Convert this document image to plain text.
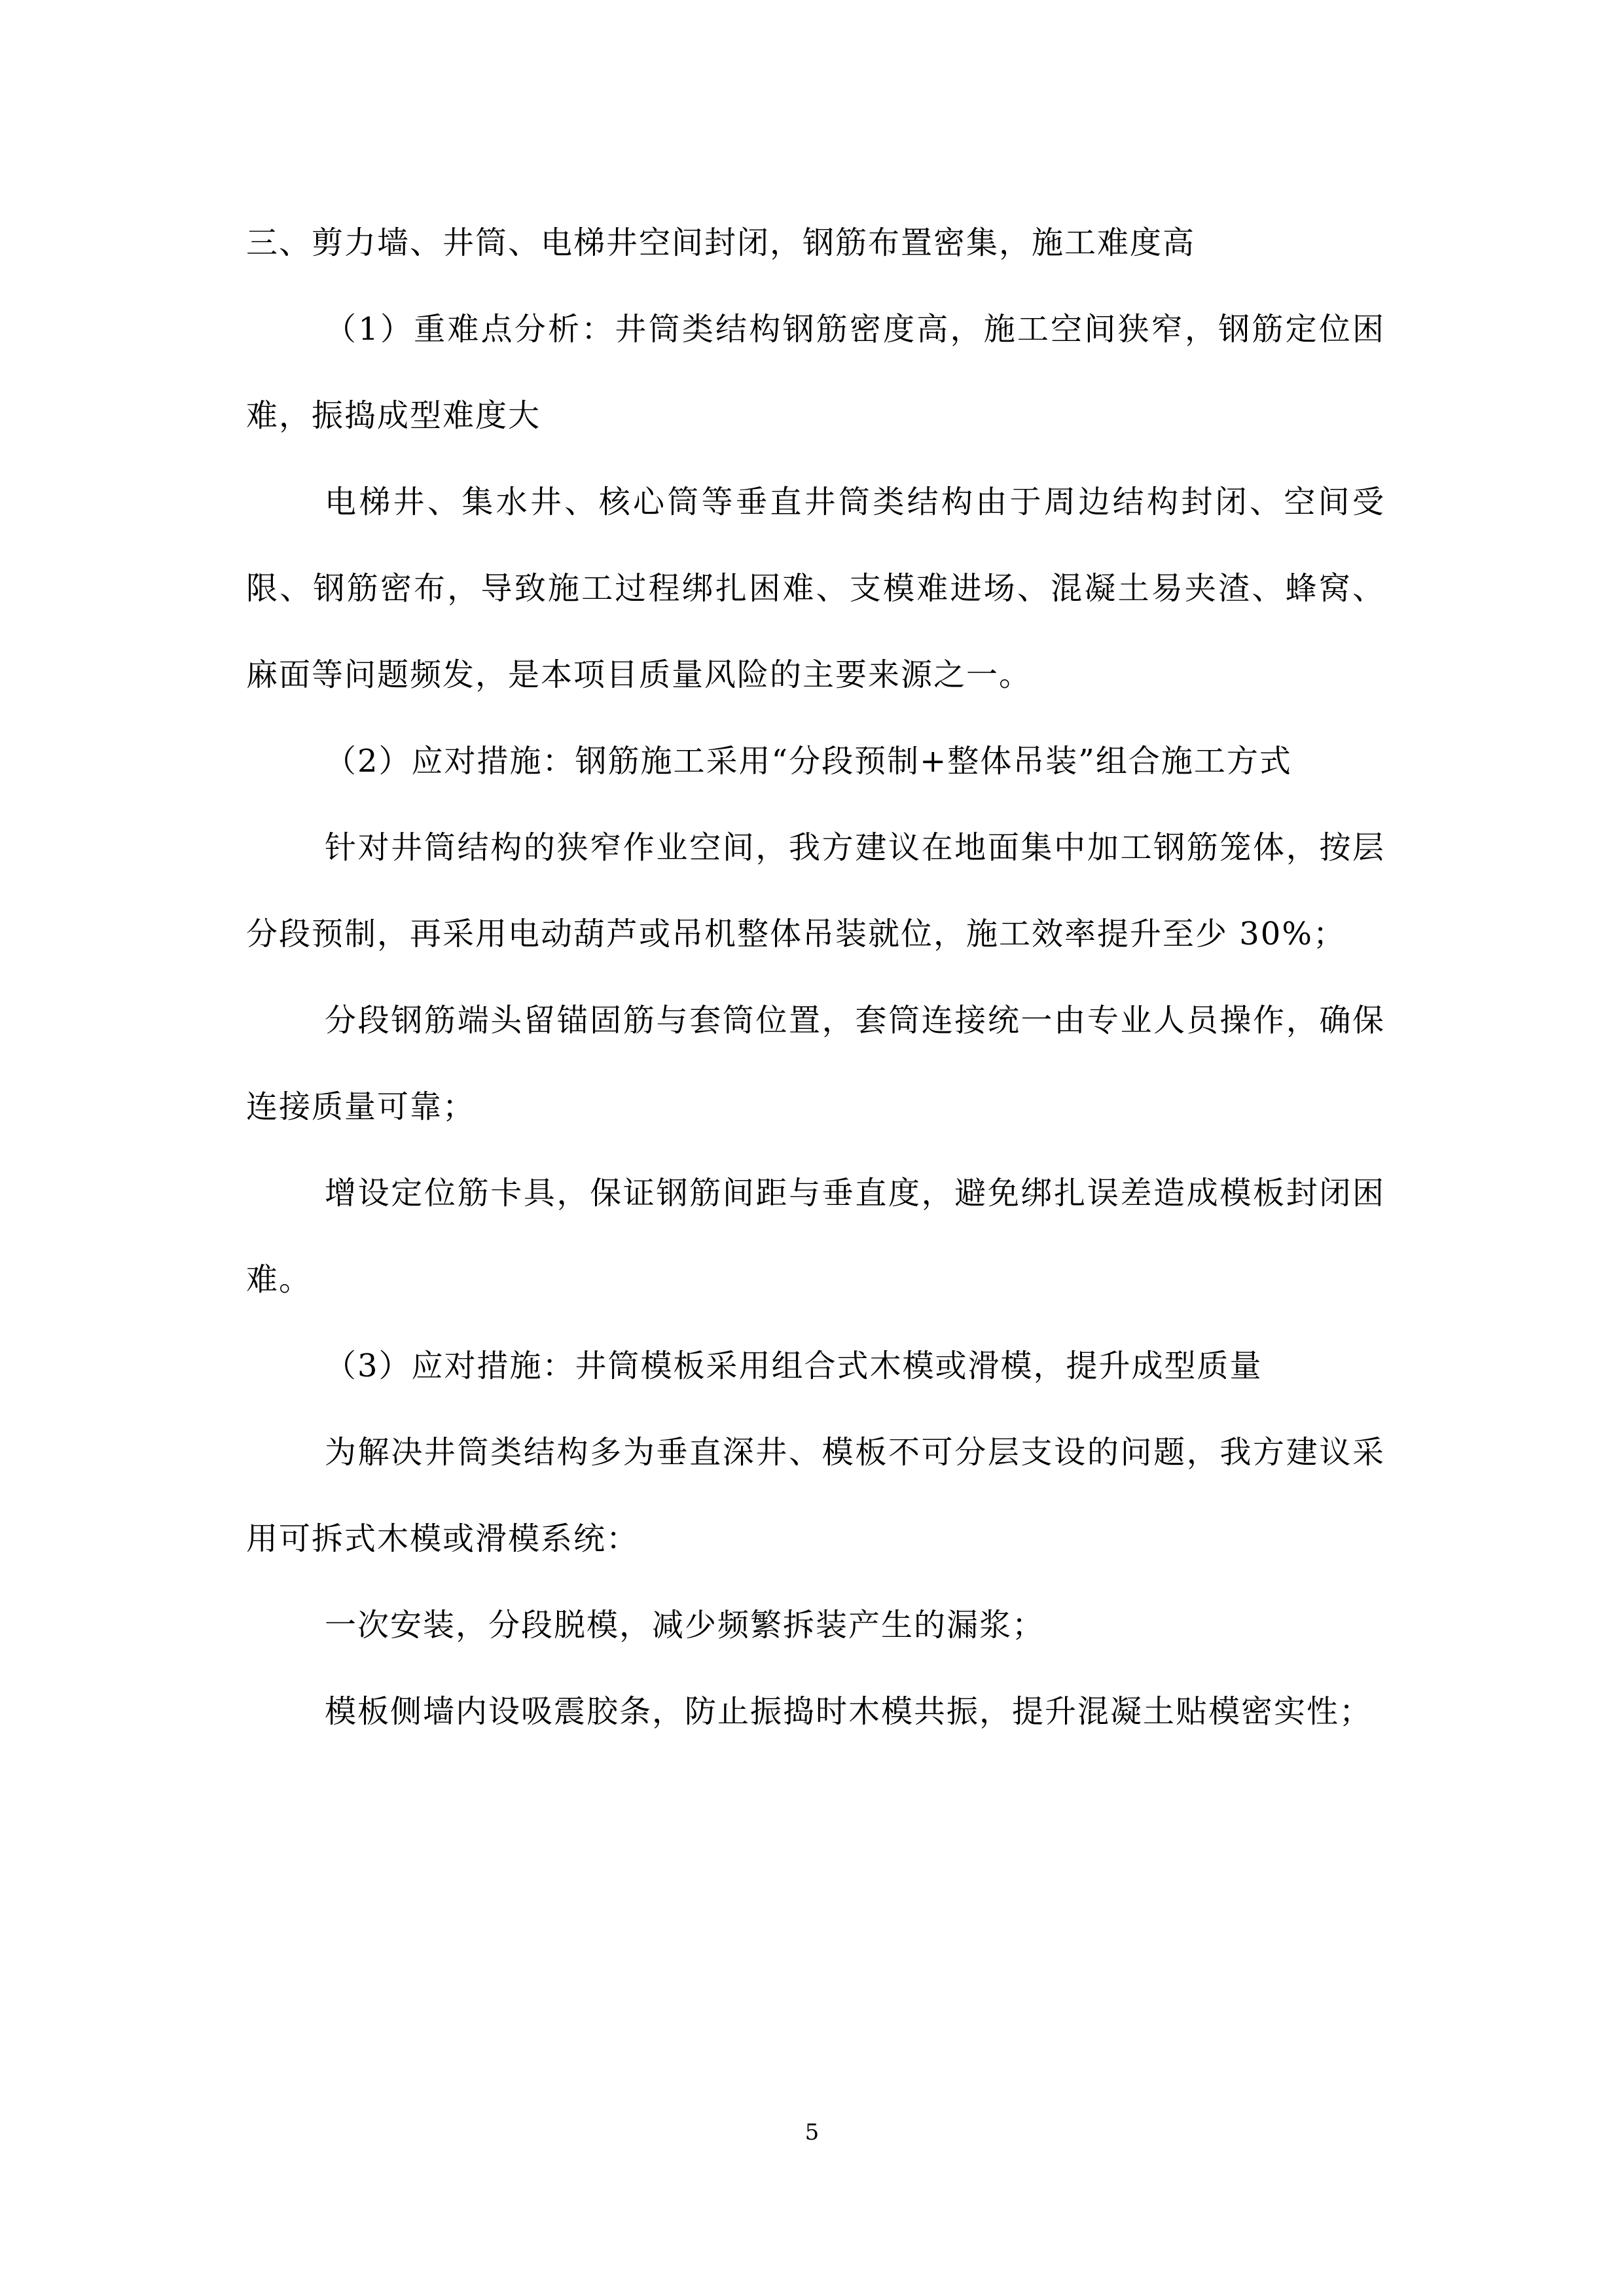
三、剪力墙、井筒、电梯井空间封闭，钢筋布置密集，施工难度高

（1）重难点分析：井筒类结构钢筋密度高，施工空间狭窄，钢筋定位困难，振捣成型难度大

电梯井、集水井、核心筒等垂直井筒类结构由于周边结构封闭、空间受限、钢筋密布，导致施工过程绑扎困难、支模难进场、混凝土易夹渣、蜂窝、麻面等问题频发，是本项目质量风险的主要来源之一。

（2）应对措施：钢筋施工采用“分段预制+整体吊装”组合施工方式

针对井筒结构的狭窄作业空间，我方建议在地面集中加工钢筋笼体，按层分段预制，再采用电动葫芦或吊机整体吊装就位，施工效率提升至少 30%；

分段钢筋端头留锚固筋与套筒位置，套筒连接统一由专业人员操作，确保连接质量可靠；

增设定位筋卡具，保证钢筋间距与垂直度，避免绑扎误差造成模板封闭困难。

（3）应对措施：井筒模板采用组合式木模或滑模，提升成型质量

为解决井筒类结构多为垂直深井、模板不可分层支设的问题，我方建议采用可拆式木模或滑模系统：

一次安装，分段脱模，减少频繁拆装产生的漏浆；

模板侧墙内设吸震胶条，防止振捣时木模共振，提升混凝土贴模密实性；

5
